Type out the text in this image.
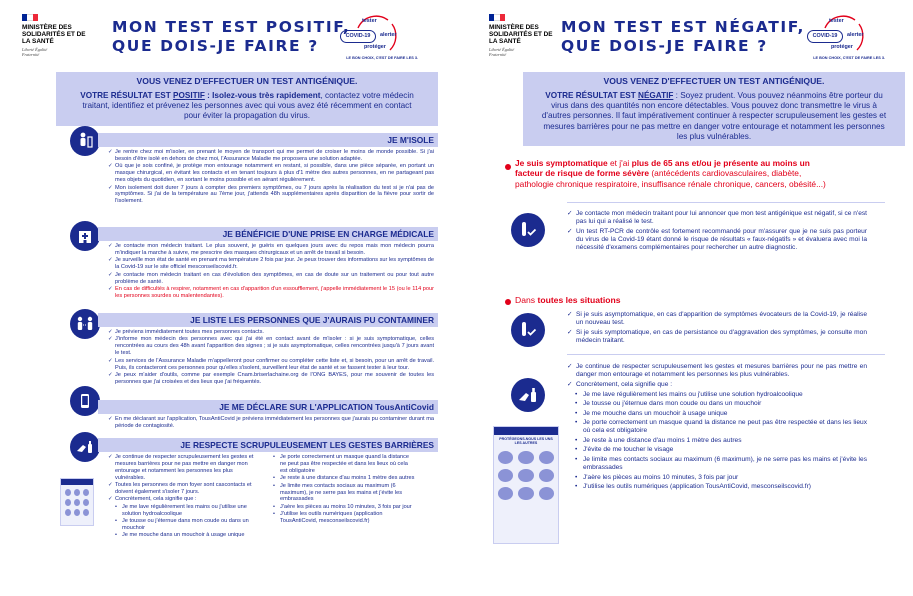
MINISTÈRE DES SOLIDARITÉS ET DE LA SANTÉ
Liberté Égalité Fraternité
MON TEST EST POSITIF,
QUE DOIS-JE FAIRE ?
COVID-19
tester
alerter
protéger
LE BON CHOIX, C'EST DE FAIRE LES 3.
VOUS VENEZ D'EFFECTUER UN TEST ANTIGÉNIQUE.
VOTRE RÉSULTAT EST POSITIF : Isolez-vous très rapidement, contactez votre médecin traitant, identifiez et prévenez les personnes avec qui vous avez été récemment en contact pour éviter la propagation du virus.
JE M'ISOLE

✓ Je rentre chez moi m'isoler, en prenant le moyen de transport qui me permet de croiser le moins de monde possible. Si j'ai besoin d'être isolé en dehors de chez moi, l'Assurance Maladie me proposera une solution adaptée.

✓ Où que je sois confiné, je protège mon entourage notamment en restant, si possible, dans une pièce séparée, en portant un masque chirurgical, en évitant les contacts et en tenant toujours à plus d'1 mètre des autres personnes, en ne partageant pas mes objets du quotidien, en sortant le moins possible et en aérant régulièrement.

✓ Mon isolement doit durer 7 jours à compter des premiers symptômes, ou 7 jours après la réalisation du test si je n'ai pas de symptômes. Si j'ai de la température au 7ème jour, j'attends 48h supplémentaires après disparition de la fièvre pour sortir de l'isolement.

JE BÉNÉFICIE D'UNE PRISE EN CHARGE MÉDICALE

✓ Je contacte mon médecin traitant. Le plus souvent, je guéris en quelques jours avec du repos mais mon médecin pourra m'indiquer la marche à suivre, me prescrire des masques chirurgicaux et un arrêt de travail si besoin.

✓ Je surveille mon état de santé en prenant ma température 2 fois par jour. Je peux trouver des informations sur les symptômes de la Covid-19 sur le site officiel mesconseilscovid.fr.

✓ Je contacte mon médecin traitant en cas d'évolution des symptômes, en cas de doute sur un traitement ou pour tout autre problème de santé.

✓ En cas de difficultés à respirer, notamment en cas d'apparition d'un essoufflement, j'appelle immédiatement le 15 (ou le 114 pour les personnes sourdes ou malentendantes).

JE LISTE LES PERSONNES QUE J'AURAIS PU CONTAMINER

✓ Je préviens immédiatement toutes mes personnes contacts.

✓ J'informe mon médecin des personnes avec qui j'ai été en contact avant de m'isoler : si je suis symptomatique, celles rencontrées au cours des 48h avant l'apparition des signes ; si je suis asymptomatique, celles rencontrées jusqu'à 7 jours avant le test.

✓ Les services de l'Assurance Maladie m'appelleront pour confirmer ou compléter cette liste et, si besoin, pour un arrêt de travail. Puis, ils contacteront ces personnes pour qu'elles s'isolent, surveillent leur état de santé et se fassent tester à leur tour.

✓ Je peux m'aider d'outils, comme par exemple Cnam.briserlachaine.org de l'ONG BAYES, pour me souvenir de toutes les personnes que j'ai croisées et des lieux que j'ai fréquentés.

JE ME DÉCLARE SUR L'APPLICATION TousAntiCovid

✓ En me déclarant sur l'application, TousAntiCovid je préviens immédiatement les personnes que j'aurais pu contaminer durant ma période de contagiosité.

JE RESPECTE SCRUPULEUSEMENT LES GESTES BARRIÈRES

✓ Je continue de respecter scrupuleusement les gestes et mesures barrières pour ne pas mettre en danger mon entourage et notamment les personnes les plus vulnérables.

✓ Toutes les personnes de mon foyer sont cascontacts et doivent également s'isoler 7 jours.

✓ Concrètement, cela signifie que :

• Je me lave régulièrement les mains ou j'utilise une solution hydroalcoolique
• Je tousse ou j'éternue dans mon coude ou dans un mouchoir
• Je me mouche dans un mouchoir à usage unique
• Je porte correctement un masque quand la distance ne peut pas être respectée et dans les lieux où cela est obligatoire
• Je reste à une distance d'au moins 1 mètre des autres
• Je limite mes contacts sociaux au maximum (6 maximum), je ne serre pas les mains et j'évite les embrassades
• J'aère les pièces au moins 10 minutes, 3 fois par jour
• J'utilise les outils numériques (application TousAntiCovid, mesconseilscovid.fr)
MINISTÈRE DES SOLIDARITÉS ET DE LA SANTÉ
Liberté Égalité Fraternité
MON TEST EST NÉGATIF,
QUE DOIS-JE FAIRE ?
COVID-19
tester
alerter
protéger
LE BON CHOIX, C'EST DE FAIRE LES 3.
VOUS VENEZ D'EFFECTUER UN TEST ANTIGÉNIQUE.
VOTRE RÉSULTAT EST NÉGATIF : Soyez prudent. Vous pouvez néanmoins être porteur du virus dans des quantités non encore détectables. Vous pouvez donc transmettre le virus à d'autres personnes. Il faut impérativement continuer à respecter scrupuleusement les gestes et mesures barrières pour ne pas mettre en danger votre entourage et notamment les personnes les plus vulnérables.
Je suis symptomatique et j'ai plus de 65 ans et/ou je présente au moins un facteur de risque de forme sévère (antécédents cardiovasculaires, diabète, pathologie chronique respiratoire, insuffisance rénale chronique, cancers, obésité...)

✓ Je contacte mon médecin traitant pour lui annoncer que mon test antigénique est négatif, si ce n'est pas lui qui a réalisé le test.

✓ Un test RT-PCR de contrôle est fortement recommandé pour m'assurer que je ne suis pas porteur du virus de la Covid-19 étant donné le risque de résultats « faux-négatifs » et évaluera avec moi la nécessité d'examens complémentaires pour rechercher un autre diagnostic.

Dans toutes les situations

✓ Si je suis asymptomatique, en cas d'apparition de symptômes évocateurs de la Covid-19, je réalise un nouveau test.

✓ Si je suis symptomatique, en cas de persistance ou d'aggravation des symptômes, je consulte mon médecin traitant.

✓ Je continue de respecter scrupuleusement les gestes et mesures barrières pour ne pas mettre en danger mon entourage et notamment les personnes les plus vulnérables.

✓ Concrètement, cela signifie que :

• Je me lave régulièrement les mains ou j'utilise une solution hydroalcoolique
• Je tousse ou j'éternue dans mon coude ou dans un mouchoir
• Je me mouche dans un mouchoir à usage unique
• Je porte correctement un masque quand la distance ne peut pas être respectée et dans les lieux où cela est obligatoire
• Je reste à une distance d'au moins 1 mètre des autres
• J'évite de me toucher le visage
• Je limite mes contacts sociaux au maximum (6 maximum), je ne serre pas les mains et j'évite les embrassades
• J'aère les pièces au moins 10 minutes, 3 fois par jour
• J'utilise les outils numériques (application TousAntiCovid, mesconseilscovid.fr)
PROTÉGEONS-NOUS LES UNS LES AUTRES
